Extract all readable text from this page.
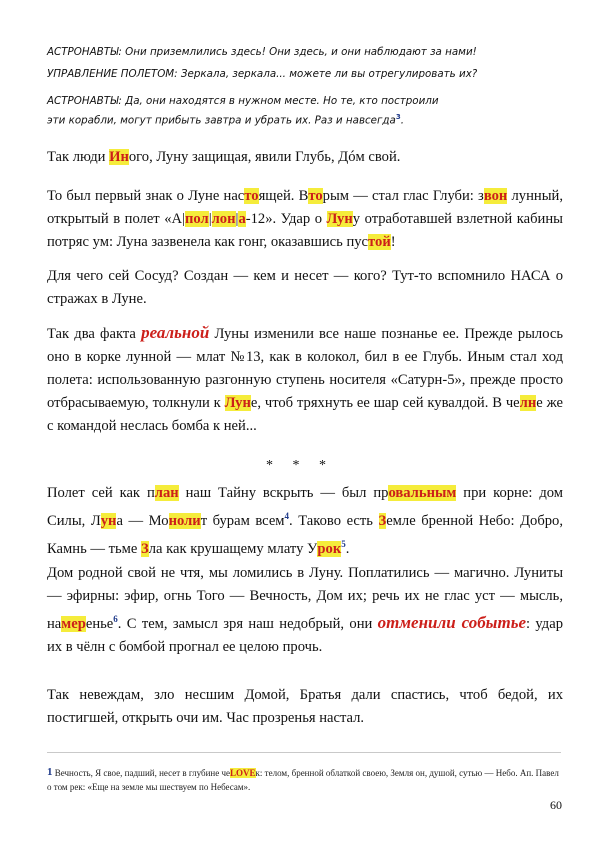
АСТРОНАВТЫ: Они приземлились здесь! Они здесь, и они наблюдают за нами!
УПРАВЛЕНИЕ ПОЛЕТОМ: Зеркала, зеркала... можете ли вы отрегулировать их?
АСТРОНАВТЫ: Да, они находятся в нужном месте. Но те, кто построили
эти корабли, могут прибыть завтра и убрать их. Раз и навсегда$^3$.
Так люди Иного, Луну защищая, явили Глубь, Дóм свой.
То был первый знак о Луне настоящей. Вторым — стал глас Глуби: звон лунный, открытый в полет «А|пол|лон|а-12». Удар о Луну отработавшей взлетной кабины потряс ум: Луна зазвенела как гонг, оказавшись пустой!
Для чего сей Сосуд? Создан — кем и несет — кого? Тут-то вспомнило НАСА о стражах в Луне.
Так два факта реальной Луны изменили все наше познанье ее. Прежде рылось оно в корке лунной — млат №13, как в колокол, бил в ее Глубь. Иным стал ход полета: использованную разгонную ступень носителя «Сатурн-5», прежде просто отбрасываемую, толкнули к Луне, чтоб тряхнуть ее шар сей кувалдой. В челне же с командой неслась бомба к ней...
* * *
Полет сей как план наш Тайну вскрыть — был провальным при корне: дом Силы, Луна — Монолит бурам всем$^4$. Таково есть Земле бренной Небо: Добро, Камнь — тьме Зла как крушащему млату Урок$^5$.
Дом родной свой не чтя, мы ломились в Луну. Поплатились — магично. Луниты — эфирны: эфир, огнь Того — Вечность, Дом их; речь их не глас уст — мысль, намеренье$^6$. С тем, замысл зря наш недобрый, они отменили событье: удар их в чёлн с бомбой прогнал ее целою прочь.
Так невеждам, зло несшим Домой, Братья дали спастись, чтоб бедой, их постигшей, открыть очи им. Час прозренья настал.
1 Вечность, Я свое, падший, несет в глубине чеLOVEк: телом, бренной облаткой своею, Земля он, душой, сутью — Небо. Ап. Павел о том рек: «Еще на земле мы шествуем по Небесам».
60
